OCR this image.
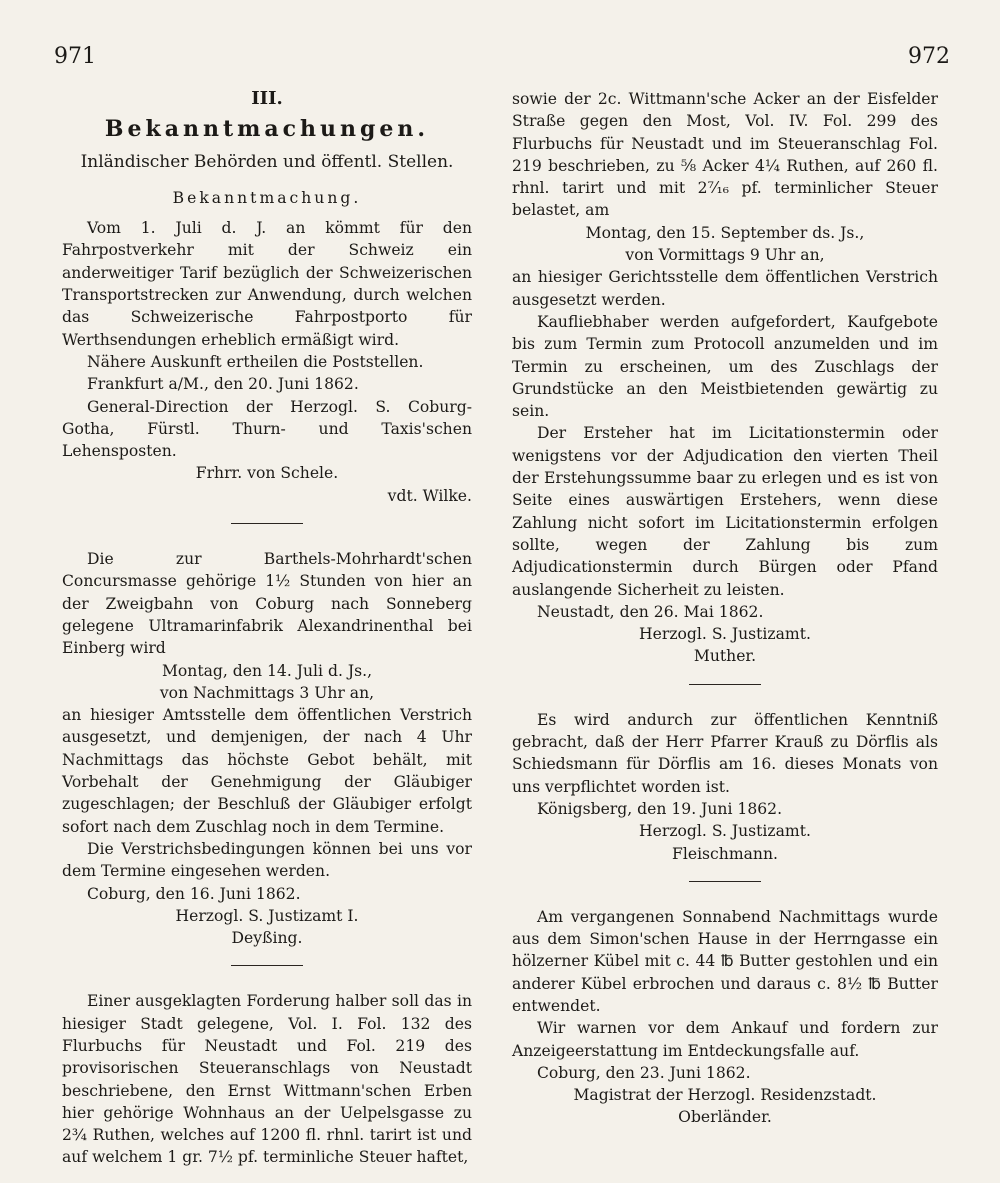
971	972

III.

Bekanntmachungen.

Inländischer Behörden und öffentl. Stellen.

Bekanntmachung.

Vom 1. Juli d. J. an kömmt für den Fahrpostverkehr mit der Schweiz ein anderweitiger Tarif bezüglich der Schweizerischen Transportstrecken zur Anwendung, durch welchen das Schweizerische Fahrpostporto für Werthsendungen erheblich ermäßigt wird.

Nähere Auskunft ertheilen die Poststellen.

Frankfurt a/M., den 20. Juni 1862.

General-Direction der Herzogl. S. Coburg-Gotha, Fürstl. Thurn- und Taxis'schen Lehensposten.

Frhrr. von Schele.

vdt. Wilke.

Die zur Barthels-Mohrhardt'schen Concursmasse gehörige 1½ Stunden von hier an der Zweigbahn von Coburg nach Sonneberg gelegene Ultramarinfabrik Alexandrinenthal bei Einberg wird

Montag, den 14. Juli d. Js.,

von Nachmittags 3 Uhr an,

an hiesiger Amtsstelle dem öffentlichen Verstrich ausgesetzt, und demjenigen, der nach 4 Uhr Nachmittags das höchste Gebot behält, mit Vorbehalt der Genehmigung der Gläubiger zugeschlagen; der Beschluß der Gläubiger erfolgt sofort nach dem Zuschlag noch in dem Termine.

Die Verstrichsbedingungen können bei uns vor dem Termine eingesehen werden.

Coburg, den 16. Juni 1862.

Herzogl. S. Justizamt I.

Deyßing.

Einer ausgeklagten Forderung halber soll das in hiesiger Stadt gelegene, Vol. I. Fol. 132 des Flurbuchs für Neustadt und Fol. 219 des provisorischen Steueranschlags von Neustadt beschriebene, den Ernst Wittmann'schen Erben hier gehörige Wohnhaus an der Uelpelsgasse zu 2¾ Ruthen, welches auf 1200 fl. rhnl. tarirt ist und auf welchem 1 gr. 7½ pf. terminliche Steuer haftet,

sowie der 2c. Wittmann'sche Acker an der Eisfelder Straße gegen den Most, Vol. IV. Fol. 299 des Flurbuchs für Neustadt und im Steueranschlag Fol. 219 beschrieben, zu ⅝ Acker 4¼ Ruthen, auf 260 fl. rhnl. tarirt und mit 2⁷⁄₁₆ pf. terminlicher Steuer belastet, am

Montag, den 15. September ds. Js.,

von Vormittags 9 Uhr an,

an hiesiger Gerichtsstelle dem öffentlichen Verstrich ausgesetzt werden.

Kaufliebhaber werden aufgefordert, Kaufgebote bis zum Termin zum Protocoll anzumelden und im Termin zu erscheinen, um des Zuschlags der Grundstücke an den Meistbietenden gewärtig zu sein.

Der Ersteher hat im Licitationstermin oder wenigstens vor der Adjudication den vierten Theil der Erstehungssumme baar zu erlegen und es ist von Seite eines auswärtigen Erstehers, wenn diese Zahlung nicht sofort im Licitationstermin erfolgen sollte, wegen der Zahlung bis zum Adjudicationstermin durch Bürgen oder Pfand auslangende Sicherheit zu leisten.

Neustadt, den 26. Mai 1862.

Herzogl. S. Justizamt.

Muther.

Es wird andurch zur öffentlichen Kenntniß gebracht, daß der Herr Pfarrer Krauß zu Dörflis als Schiedsmann für Dörflis am 16. dieses Monats von uns verpflichtet worden ist.

Königsberg, den 19. Juni 1862.

Herzogl. S. Justizamt.

Fleischmann.

Am vergangenen Sonnabend Nachmittags wurde aus dem Simon'schen Hause in der Herrngasse ein hölzerner Kübel mit c. 44 ℔ Butter gestohlen und ein anderer Kübel erbrochen und daraus c. 8½ ℔ Butter entwendet.

Wir warnen vor dem Ankauf und fordern zur Anzeigeerstattung im Entdeckungsfalle auf.

Coburg, den 23. Juni 1862.

Magistrat der Herzogl. Residenzstadt.

Oberländer.
